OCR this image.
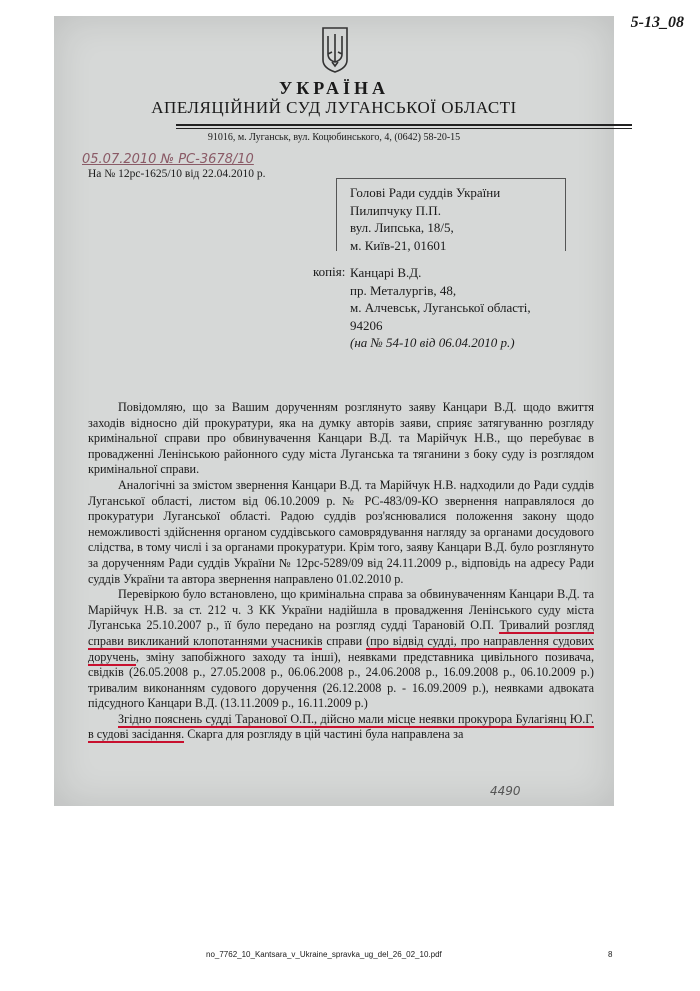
5-13_08
УКРАЇНА
АПЕЛЯЦІЙНИЙ СУД ЛУГАНСЬКОЇ ОБЛАСТІ
91016, м. Луганськ, вул. Коцюбинського, 4, (0642) 58-20-15
05.07.2010 № РС-3678/10
На № 12рс-1625/10 від 22.04.2010 р.
Голові Ради суддів України
Пилипчуку П.П.
вул. Липська, 18/5,
м. Київ-21, 01601
копія: Канцарі В.Д.
пр. Металургів, 48,
м. Алчевськ, Луганської області,
94206
(на № 54-10 від 06.04.2010 р.)

Повідомляю, що за Вашим дорученням розглянуто заяву Канцари В.Д. щодо вжиття заходів відносно дій прокуратури, яка на думку авторів заяви, сприяє затягуванню розгляду кримінальної справи про обвинувачення Канцари В.Д. та Марійчук Н.В., що перебуває в провадженні Ленінською районного суду міста Луганська та тяганини з боку суду із розглядом кримінальної справи.

Аналогічні за змістом звернення Канцари В.Д. та Марійчук Н.В. надходили до Ради суддів Луганської області, листом від 06.10.2009 р. № РС-483/09-КО звернення направлялося до прокуратури Луганської області. Радою суддів роз'яснювалися положення закону щодо неможливості здійснення органом суддівського самоврядування нагляду за органами досудового слідства, в тому числі і за органами прокуратури. Крім того, заяву Канцари В.Д. було розглянуто за дорученням Ради суддів України № 12рс-5289/09 від 24.11.2009 р., відповідь на адресу Ради суддів України та автора звернення направлено 01.02.2010 р.

Перевіркою було встановлено, що кримінальна справа за обвинуваченням Канцари В.Д. та Марійчук Н.В. за ст. 212 ч. 3 КК України надійшла в провадження Ленінського суду міста Луганська 25.10.2007 р., її було передано на розгляд судді Тарановій О.П. Тривалий розгляд справи викликаний клопотаннями учасників справи (про відвід судді, про направлення судових доручень, зміну запобіжного заходу та інші), неявками представника цивільного позивача, свідків (26.05.2008 р., 27.05.2008 р., 06.06.2008 р., 24.06.2008 р., 16.09.2008 р., 06.10.2009 р.) тривалим виконанням судового доручення (26.12.2008 р. - 16.09.2009 р.), неявками адвоката підсудного Канцари В.Д. (13.11.2009 р., 16.11.2009 р.)

Згідно пояснень судді Таранової О.П., дійсно мали місце неявки прокурора Булагіянц Ю.Г. в судові засідання. Скарга для розгляду в цій частині була направлена за

4490
no_7762_10_Kantsara_v_Ukraine_spravka_ug_del_26_02_10.pdf	8
